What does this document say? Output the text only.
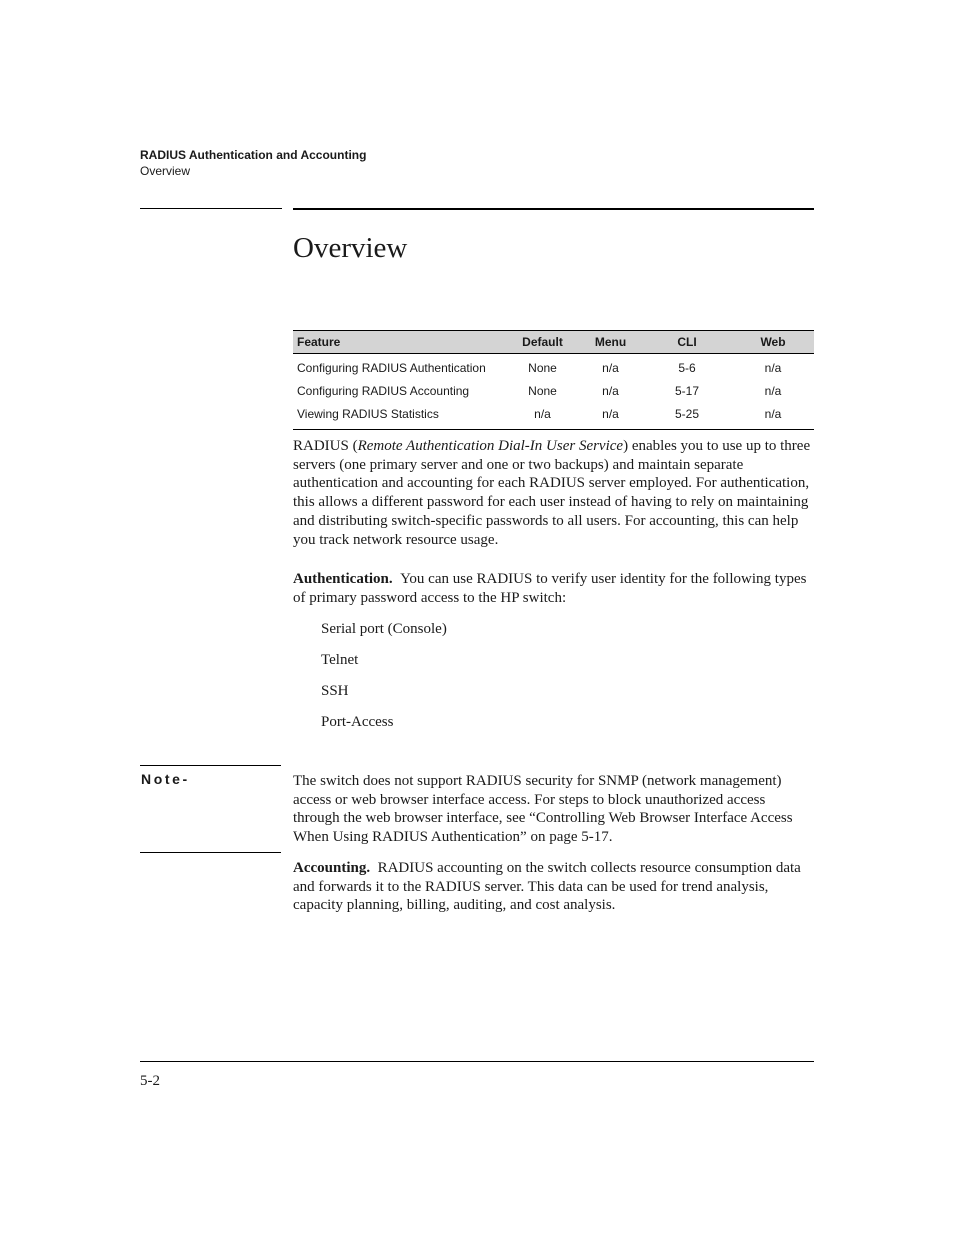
RADIUS Authentication and Accounting
Overview
Overview
Feature	Default	Menu	CLI	Web
Configuring RADIUS Authentication	None	n/a	5-6	n/a
Configuring RADIUS Accounting	None	n/a	5-17	n/a
Viewing RADIUS Statistics	n/a	n/a	5-25	n/a

RADIUS (Remote Authentication Dial-In User Service) enables you to use up to three servers (one primary server and one or two backups) and maintain separate authentication and accounting for each RADIUS server employed. For authentication, this allows a different password for each user instead of having to rely on maintaining and distributing switch-specific passwords to all users. For accounting, this can help you track network resource usage.

Authentication. You can use RADIUS to verify user identity for the following types of primary password access to the HP switch:

Serial port (Console)
Telnet
SSH
Port-Access
Note-	The switch does not support RADIUS security for SNMP (network management) access or web browser interface access. For steps to block unauthorized access through the web browser interface, see “Controlling Web Browser Interface Access When Using RADIUS Authentication” on page 5-17.

Accounting. RADIUS accounting on the switch collects resource consumption data and forwards it to the RADIUS server. This data can be used for trend analysis, capacity planning, billing, auditing, and cost analysis.

5-2
